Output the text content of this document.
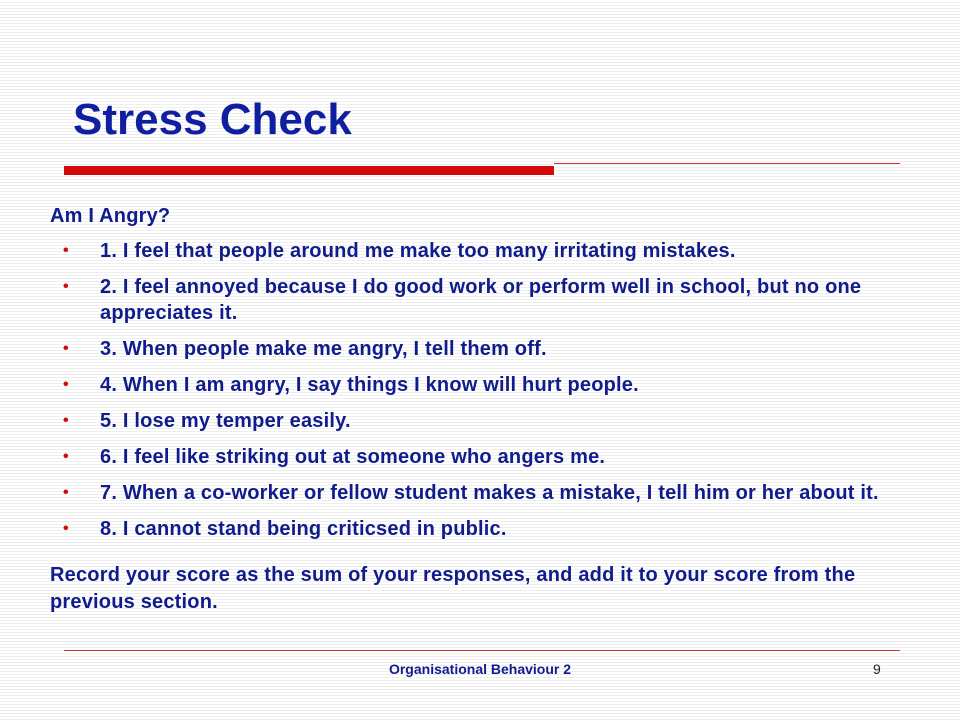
Stress Check

Am I Angry?

• 1. I feel that people around me make too many irritating mistakes.
• 2. I feel annoyed because I do good work or perform well in school, but no one appreciates it.
• 3. When people make me angry, I tell them off.
• 4. When I am angry, I say things I know will hurt people.
• 5. I lose my temper easily.
• 6. I feel like striking out at someone who angers me.
• 7. When a co-worker or fellow student makes a mistake, I tell him or her about it.
• 8. I cannot stand being criticsed in public.

Record your score as the sum of your responses, and add it to your score from the previous section.

Organisational Behaviour 2	9
